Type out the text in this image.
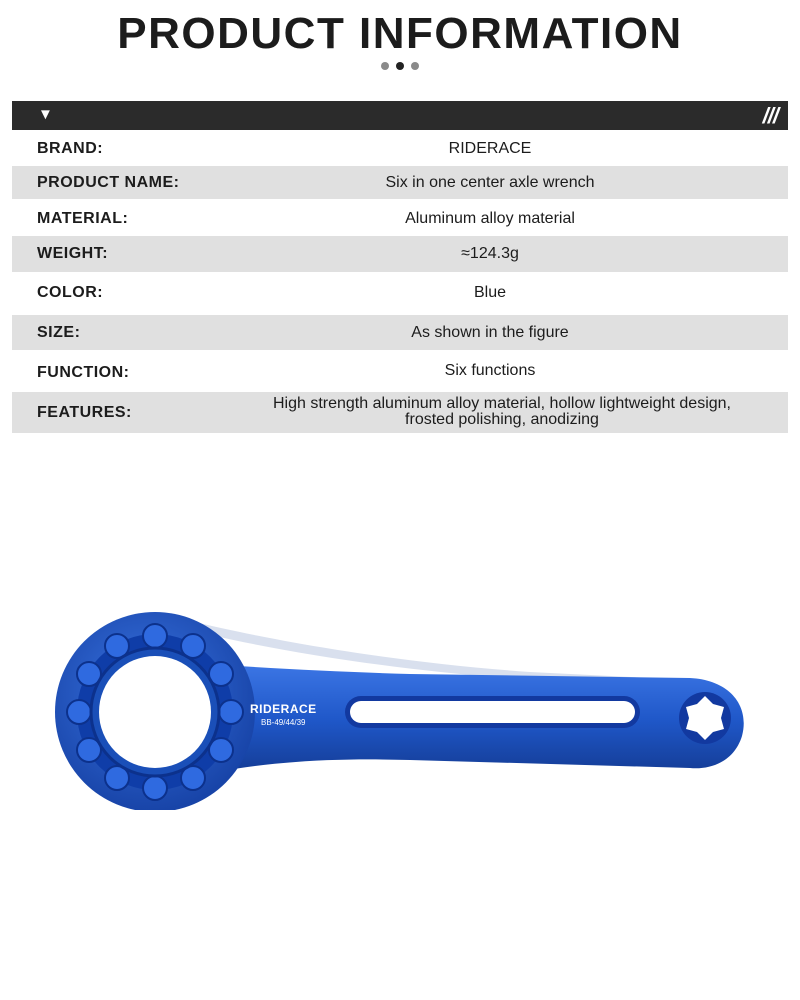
PRODUCT INFORMATION
▼	///
BRAND:	RIDERACE
PRODUCT NAME:	Six in one center axle wrench
MATERIAL:	Aluminum alloy material
WEIGHT:	≈124.3g
COLOR:	Blue
SIZE:	As shown in the figure
FUNCTION:	Six functions
FEATURES:
High strength aluminum alloy material, hollow lightweight design,
frosted polishing, anodizing
RIDERACE
BB-49/44/39
